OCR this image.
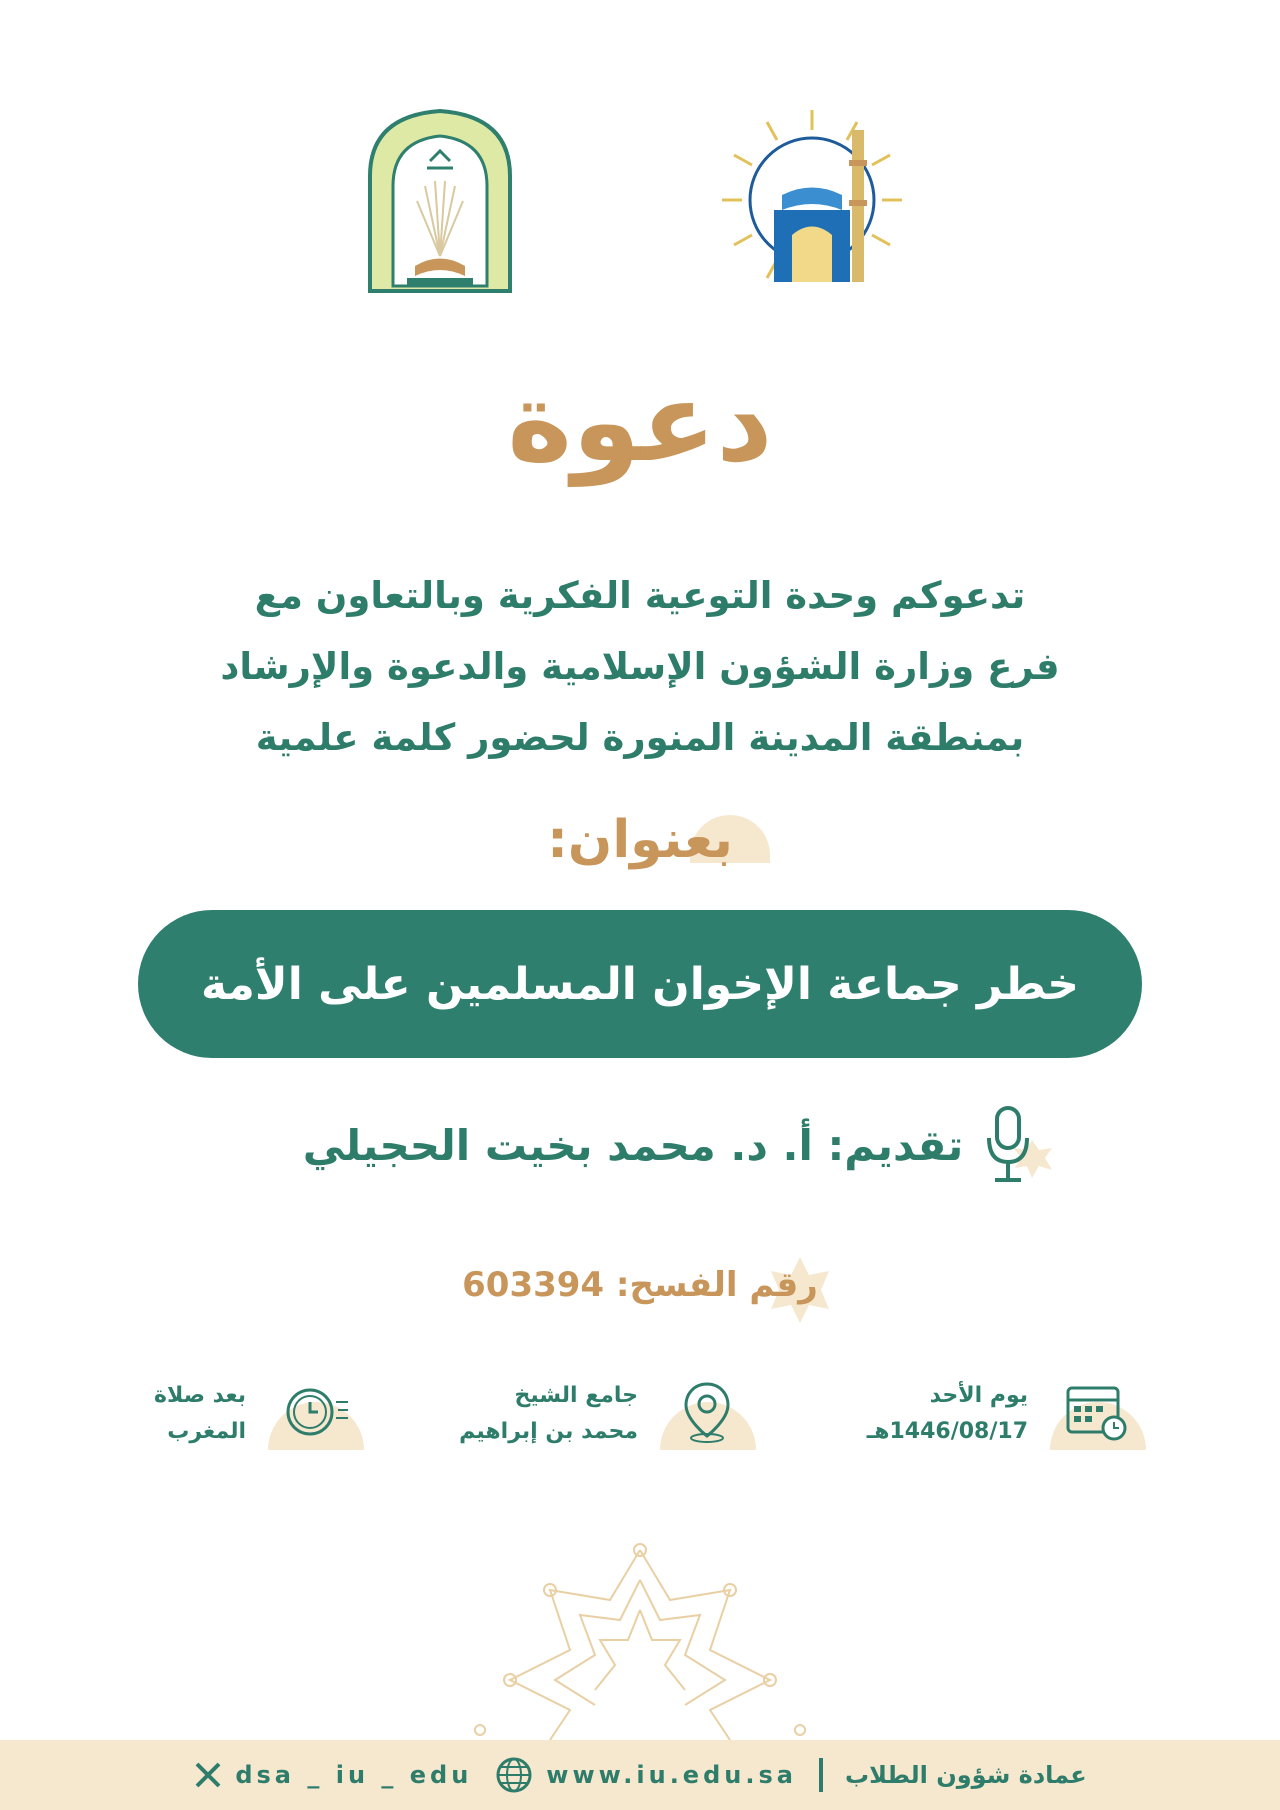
دعوة
تدعوكم وحدة التوعية الفكرية وبالتعاون مع
فرع وزارة الشؤون الإسلامية والدعوة والإرشاد
بمنطقة المدينة المنورة لحضور كلمة علمية
بعنوان:
خطر جماعة الإخوان المسلمين على الأمة
تقديم: أ. د. محمد بخيت الحجيلي
رقم الفسح: 603394
يوم الأحد
1446/08/17هـ
جامع الشيخ
محمد بن إبراهيم
بعد صلاة
المغرب
dsa _ iu _ edu	www.iu.edu.sa عمادة شؤون الطلاب
